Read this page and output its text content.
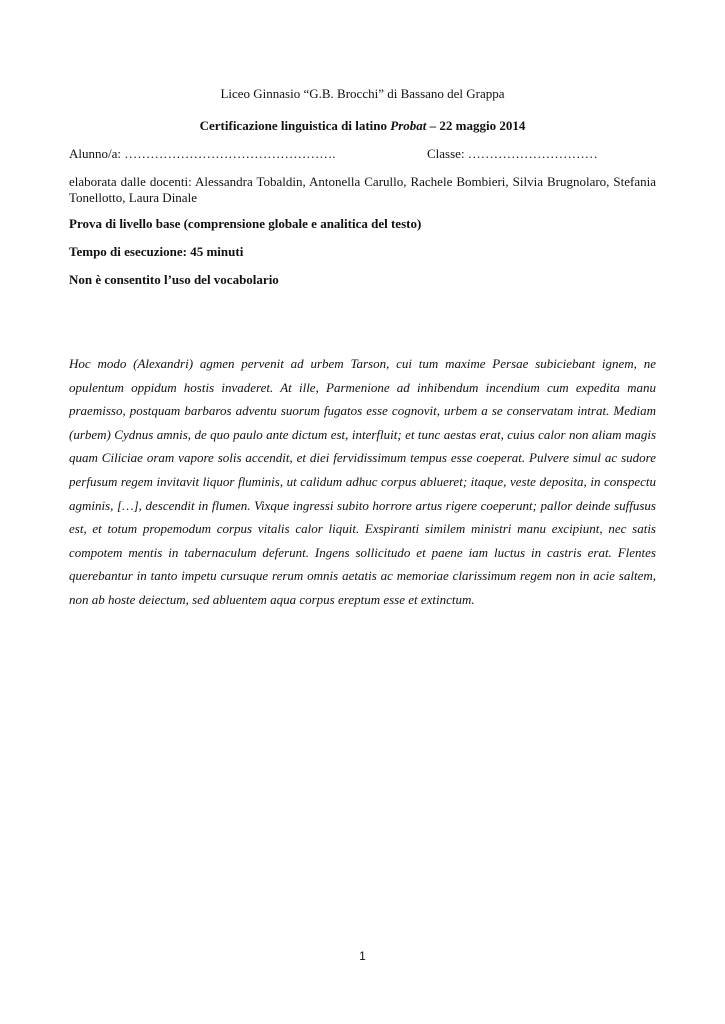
Liceo Ginnasio “G.B. Brocchi” di Bassano del Grappa
Certificazione linguistica di latino Probat – 22 maggio 2014
Alunno/a: ………………………………………….	Classe: …………………………
elaborata dalle docenti: Alessandra Tobaldin, Antonella Carullo, Rachele Bombieri, Silvia Brugnolaro, Stefania Tonellotto, Laura Dinale
Prova di livello base (comprensione globale e analitica del testo)
Tempo di esecuzione: 45 minuti
Non è consentito l’uso del vocabolario
Hoc modo (Alexandri) agmen pervenit ad urbem Tarson, cui tum maxime Persae subiciebant ignem, ne opulentum oppidum hostis invaderet. At ille, Parmenione ad inhibendum incendium cum expedita manu praemisso, postquam barbaros adventu suorum fugatos esse cognovit, urbem a se conservatam intrat. Mediam (urbem) Cydnus amnis, de quo paulo ante dictum est, interfluit; et tunc aestas erat, cuius calor non aliam magis quam Ciliciae oram vapore solis accendit, et diei fervidissimum tempus esse coeperat. Pulvere simul ac sudore perfusum regem invitavit liquor fluminis, ut calidum adhuc corpus ablueret; itaque, veste deposita, in conspectu agminis, […], descendit in flumen. Vixque ingressi subito horrore artus rigere coeperunt; pallor deinde suffusus est, et totum propemodum corpus vitalis calor liquit. Exspiranti similem ministri manu excipiunt, nec satis compotem mentis in tabernaculum deferunt. Ingens sollicitudo et paene iam luctus in castris erat. Flentes querebantur in tanto impetu cursuque rerum omnis aetatis ac memoriae clarissimum regem non in acie saltem, non ab hoste deiectum, sed abluentem aqua corpus ereptum esse et extinctum.
1
